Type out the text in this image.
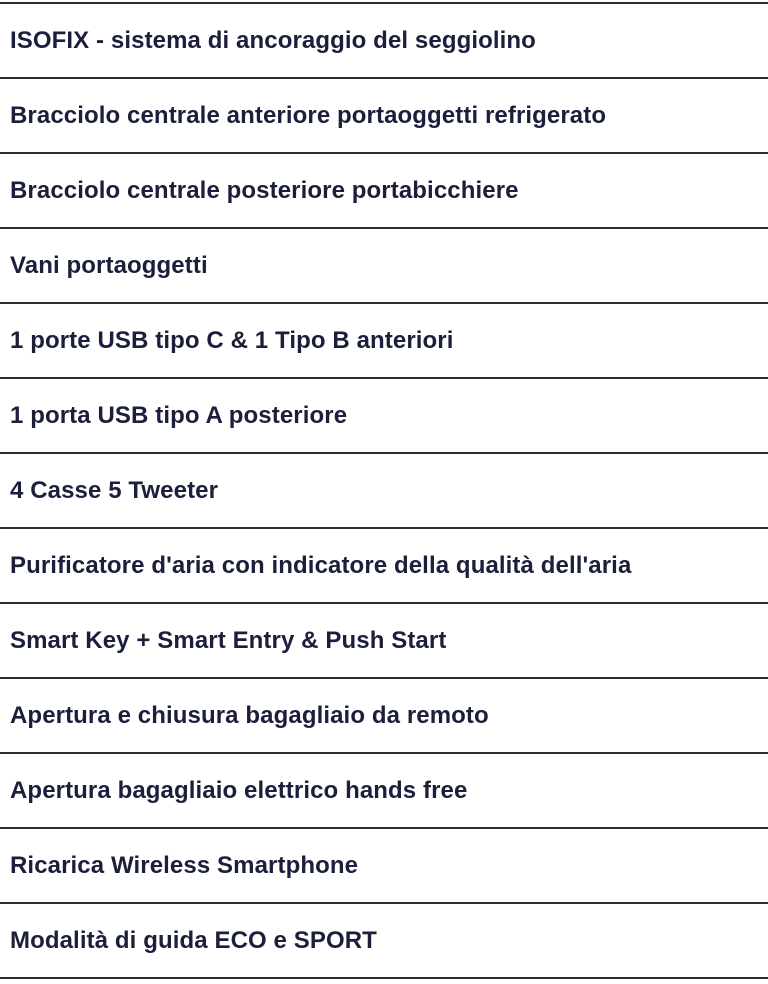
ISOFIX - sistema di ancoraggio del seggiolino
Bracciolo centrale anteriore portaoggetti refrigerato
Bracciolo centrale posteriore portabicchiere
Vani portaoggetti
1 porte USB tipo C & 1 Tipo B anteriori
1 porta USB tipo A posteriore
4 Casse 5 Tweeter
Purificatore d'aria con indicatore della qualità dell'aria
Smart Key + Smart Entry & Push Start
Apertura e chiusura bagagliaio da remoto
Apertura bagagliaio elettrico hands free
Ricarica Wireless Smartphone
Modalità di guida ECO e SPORT
